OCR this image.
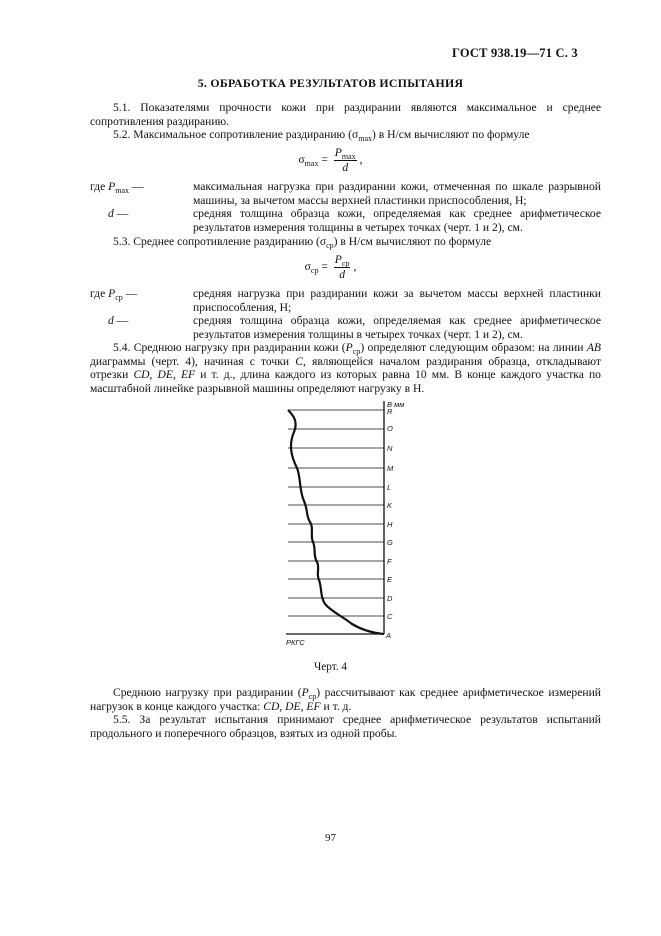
ГОСТ 938.19—71 С. 3
5. ОБРАБОТКА РЕЗУЛЬТАТОВ ИСПЫТАНИЯ
5.1. Показателями прочности кожи при раздирании являются максимальное и среднее сопротивления раздиранию.
5.2. Максимальное сопротивление раздиранию $(\sigma_{max})$ в Н/см вычисляют по формуле
$\sigma_{max} = \frac{P_{max}}{d}$ ,
где $P_{max}$ —	максимальная нагрузка при раздирании кожи, отмеченная по шкале разрывной машины, за вычетом массы верхней пластинки приспособления, Н;
d —	средняя толщина образца кожи, определяемая как среднее арифметическое результатов измерения толщины в четырех точках (черт. 1 и 2), см.
5.3. Среднее сопротивление раздиранию $(\sigma_{ср})$ в Н/см вычисляют по формуле
$\sigma_{ср} = \frac{P_{ср}}{d}$ ,
где $P_{ср}$ —	средняя нагрузка при раздирании кожи за вычетом массы верхней пластинки приспособления, Н;
d —	средняя толщина образца кожи, определяемая как среднее арифметическое результатов измерения толщины в четырех точках (черт. 1 и 2), см.
5.4. Среднюю нагрузку при раздирании кожи $(P_{ср})$ определяют следующим образом: на линии AB диаграммы (черт. 4), начиная с точки C, являющейся началом раздирания образца, откладывают отрезки CD, DE, EF и т. д., длина каждого из которых равна 10 мм. В конце каждого участка по масштабной линейке разрывной машины определяют нагрузку в Н.
В мм
РКГС
R
O
N
M
L
K
H
G
F
E
D
C
A
Черт. 4
Среднюю нагрузку при раздирании $(P_{ср})$ рассчитывают как среднее арифметическое измерений нагрузок в конце каждого участка: CD, DE, EF и т. д.
5.5. За результат испытания принимают среднее арифметическое результатов испытаний продольного и поперечного образцов, взятых из одной пробы.
97
